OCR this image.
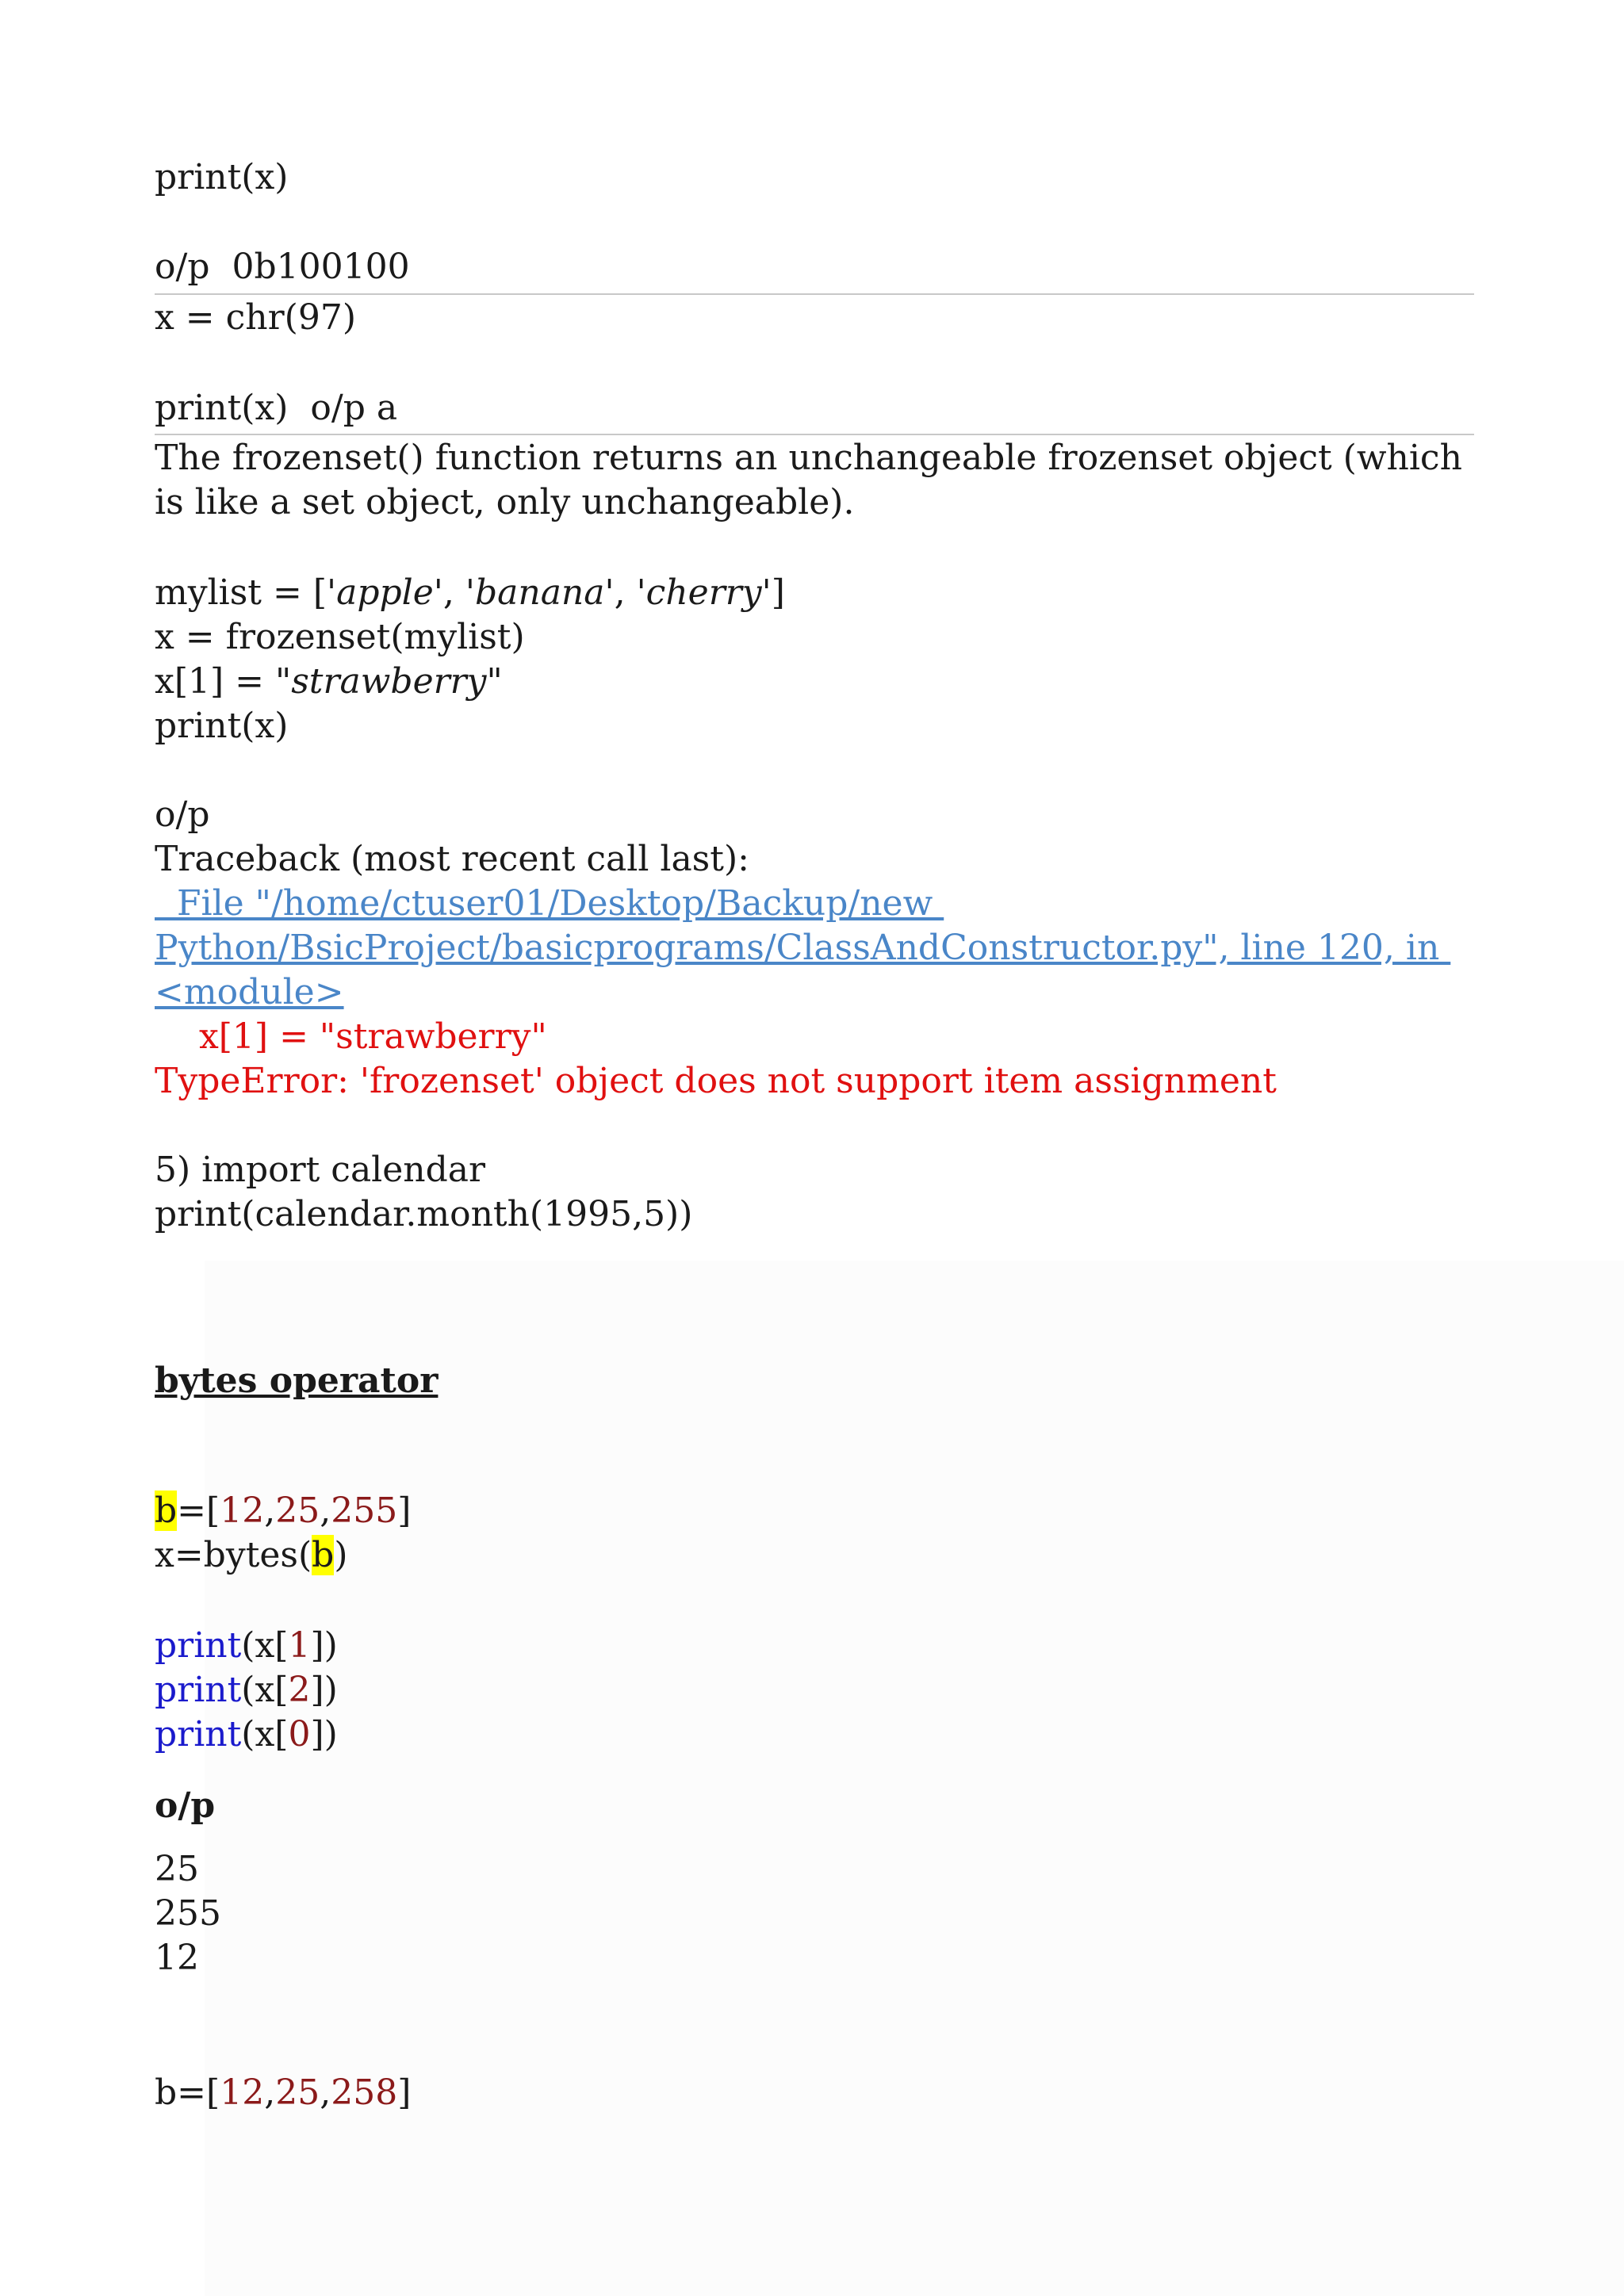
print(x)
o/p  0b100100
x = chr(97)
print(x)  o/p a
The frozenset() function returns an unchangeable frozenset object (which is like a set object, only unchangeable).
mylist = ['apple', 'banana', 'cherry']
x = frozenset(mylist)
x[1] = "strawberry"
print(x)
o/p
Traceback (most recent call last):
File "/home/ctuser01/Desktop/Backup/new
Python/BsicProject/basicprograms/ClassAndConstructor.py", line 120, in
<module>
x[1] = "strawberry"
TypeError: 'frozenset' object does not support item assignment
5) import calendar
print(calendar.month(1995,5))
bytes operator
b=[12,25,255]
x=bytes(b)
print(x[1])
print(x[2])
print(x[0])
o/p
25
255
12
b=[12,25,258]
